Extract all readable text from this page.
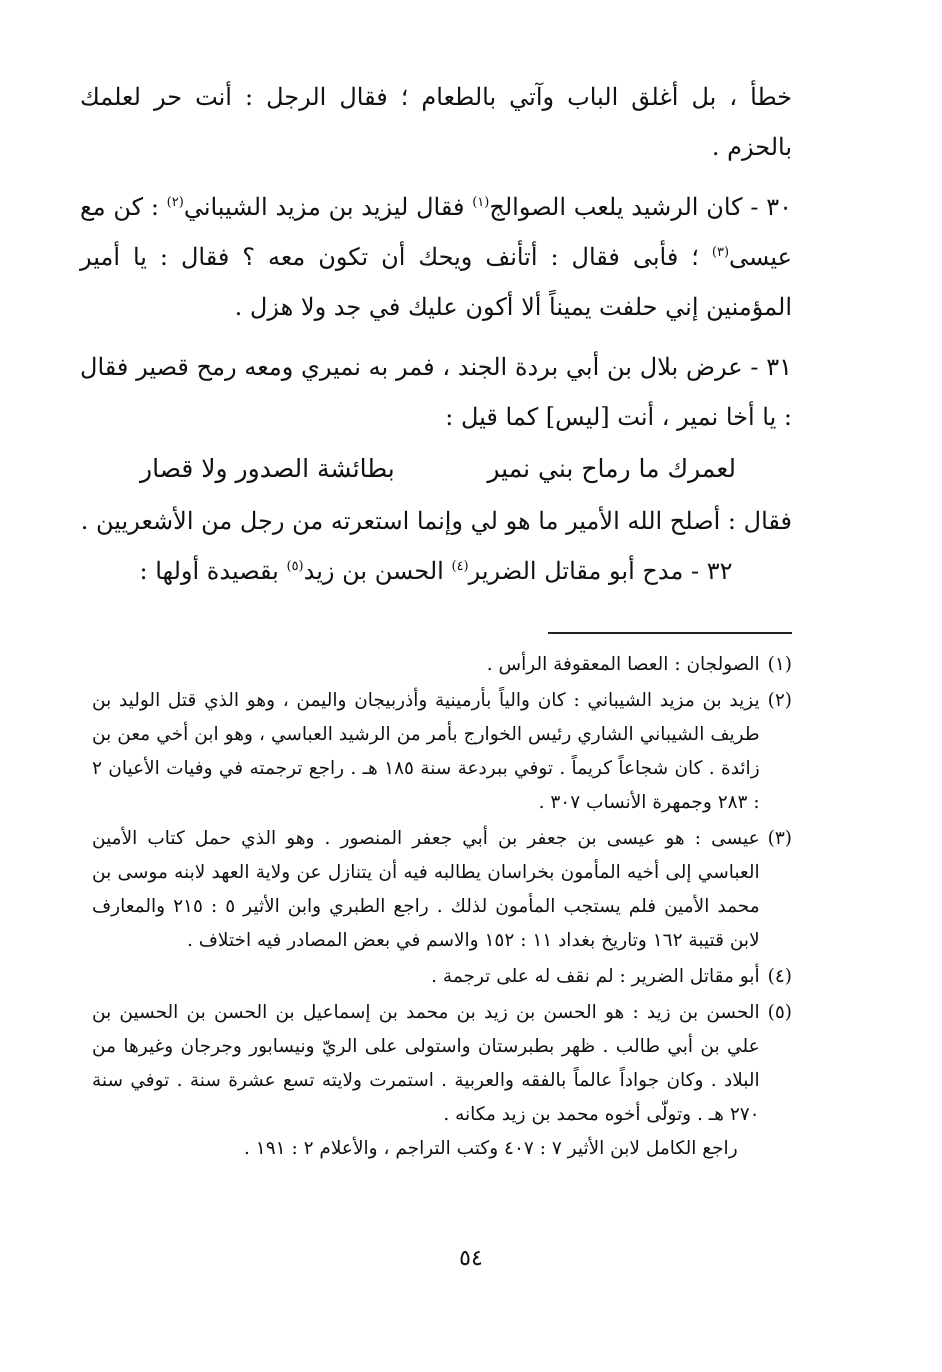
خطأ ، بل أغلق الباب وآتي بالطعام ؛ فقال الرجل : أنت حر لعلمك بالحزم .

٣٠ - كان الرشيد يلعب الصوالج$^{(١)}$ فقال ليزيد بن مزيد الشيباني$^{(٢)}$ : كن مع عيسى$^{(٣)}$ ؛ فأبى فقال : أتأنف ويحك أن تكون معه ؟ فقال : يا أمير المؤمنين إني حلفت يميناً ألا أكون عليك في جد ولا هزل .

٣١ - عرض بلال بن أبي بردة الجند ، فمر به نميري ومعه رمح قصير فقال : يا أخا نمير ، أنت [ليس] كما قيل :

لعمرك ما رماح بني نمير
بطائشة الصدور ولا قصار

فقال : أصلح الله الأمير ما هو لي وإنما استعرته من رجل من الأشعريين .

٣٢ - مدح أبو مقاتل الضرير$^{(٤)}$ الحسن بن زيد$^{(٥)}$ بقصيدة أولها :

(١)
الصولجان : العصا المعقوفة الرأس .
(٢)
يزيد بن مزيد الشيباني : كان والياً بأرمينية وأذربيجان واليمن ، وهو الذي قتل الوليد بن طريف الشيباني الشاري رئيس الخوارج بأمر من الرشيد العباسي ، وهو ابن أخي معن بن زائدة . كان شجاعاً كريماً . توفي ببردعة سنة ١٨٥ هـ . راجع ترجمته في وفيات الأعيان ٢ : ٢٨٣ وجمهرة الأنساب ٣٠٧ .
(٣)
عيسى : هو عيسى بن جعفر بن أبي جعفر المنصور . وهو الذي حمل كتاب الأمين العباسي إلى أخيه المأمون بخراسان يطالبه فيه أن يتنازل عن ولاية العهد لابنه موسى بن محمد الأمين فلم يستجب المأمون لذلك . راجع الطبري وابن الأثير ٥ : ٢١٥ والمعارف لابن قتيبة ١٦٢ وتاريخ بغداد ١١ : ١٥٢ والاسم في بعض المصادر فيه اختلاف .
(٤)
أبو مقاتل الضرير : لم نقف له على ترجمة .
(٥)
الحسن بن زيد : هو الحسن بن زيد بن محمد بن إسماعيل بن الحسن بن الحسين بن علي بن أبي طالب . ظهر بطبرستان واستولى على الريّ ونيسابور وجرجان وغيرها من البلاد . وكان جواداً عالماً بالفقه والعربية . استمرت ولايته تسع عشرة سنة . توفي سنة ٢٧٠ هـ . وتولّى أخوه محمد بن زيد مكانه .
راجع الكامل لابن الأثير ٧ : ٤٠٧ وكتب التراجم ، والأعلام ٢ : ١٩١ .
٥٤
